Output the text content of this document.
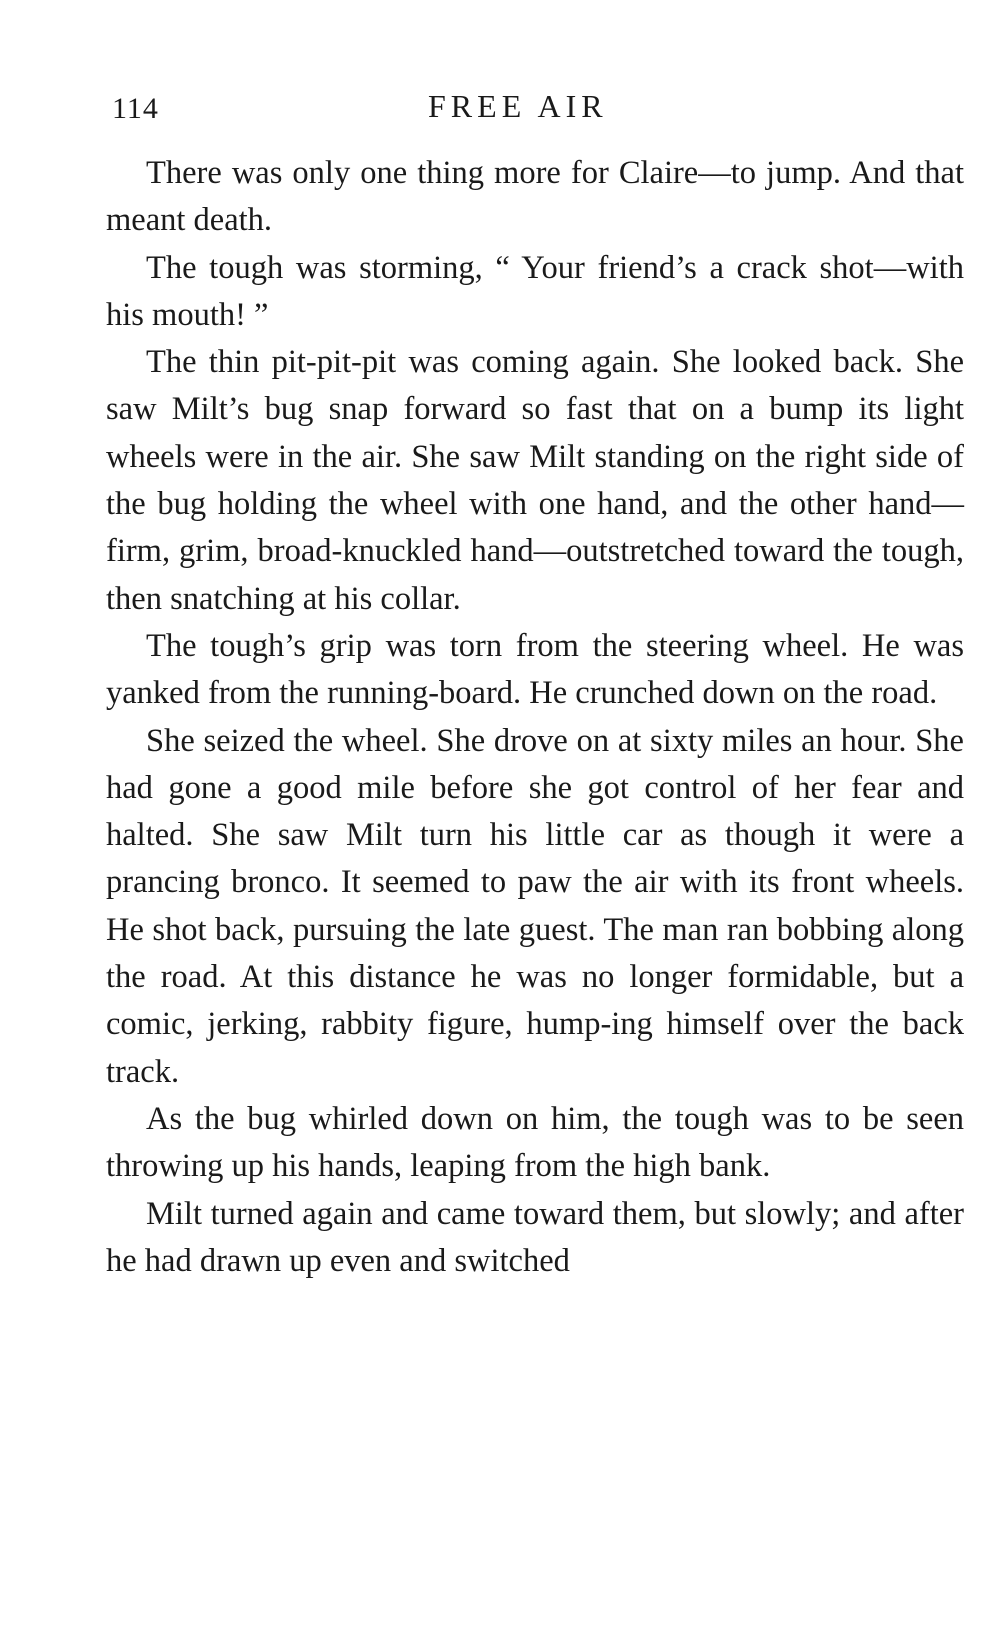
114	FREE AIR

There was only one thing more for Claire—to jump. And that meant death.

The tough was storming, “ Your friend’s a crack shot—with his mouth! ”

The thin pit-pit-pit was coming again. She looked back. She saw Milt’s bug snap forward so fast that on a bump its light wheels were in the air. She saw Milt standing on the right side of the bug holding the wheel with one hand, and the other hand—firm, grim, broad-knuckled hand—outstretched toward the tough, then snatching at his collar.

The tough’s grip was torn from the steering wheel. He was yanked from the running-board. He crunched down on the road.

She seized the wheel. She drove on at sixty miles an hour. She had gone a good mile before she got control of her fear and halted. She saw Milt turn his little car as though it were a prancing bronco. It seemed to paw the air with its front wheels. He shot back, pursuing the late guest. The man ran bobbing along the road. At this distance he was no longer formidable, but a comic, jerking, rabbity figure, hump-ing himself over the back track.

As the bug whirled down on him, the tough was to be seen throwing up his hands, leaping from the high bank.

Milt turned again and came toward them, but slowly; and after he had drawn up even and switched
